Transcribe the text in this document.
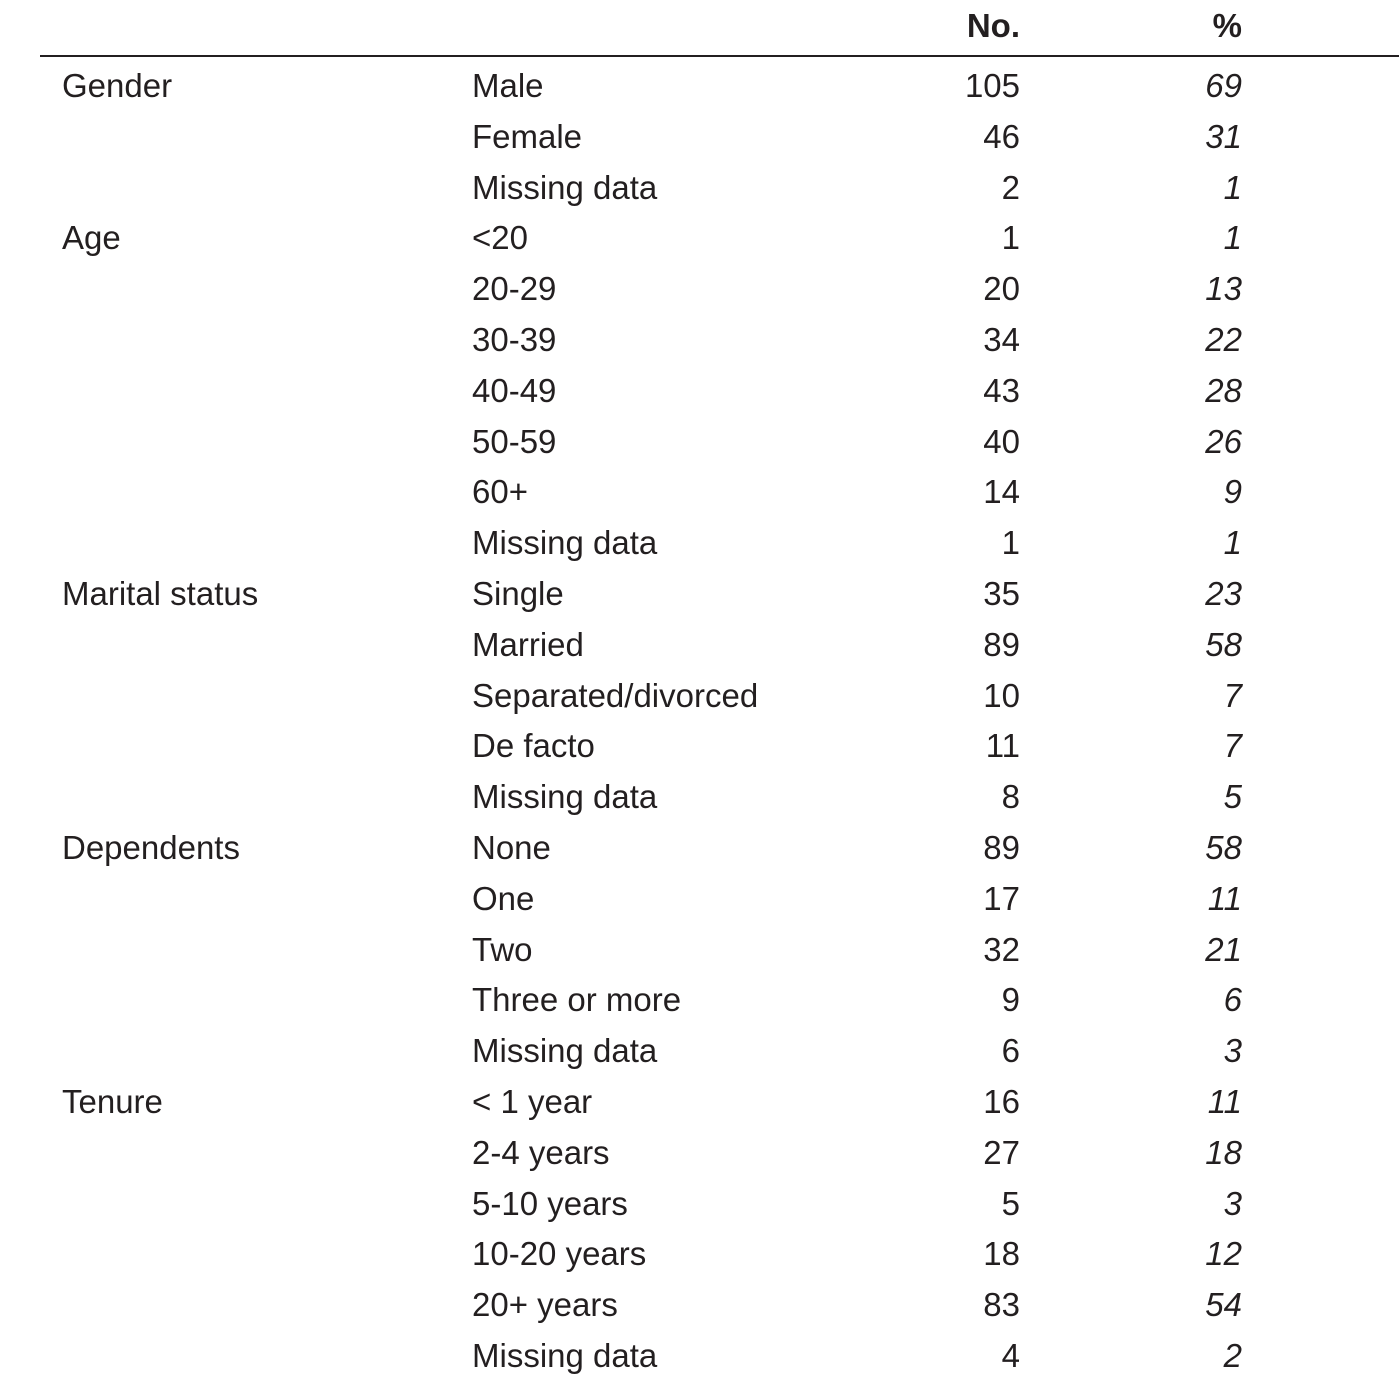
No.	%
Gender	Male	105	69
Female	46	31
Missing data	2	1
Age	<20	1	1
20-29	20	13
30-39	34	22
40-49	43	28
50-59	40	26
60+	14	9
Missing data	1	1
Marital status	Single	35	23
Married	89	58
Separated/divorced	10	7
De facto	11	7
Missing data	8	5
Dependents	None	89	58
One	17	11
Two	32	21
Three or more	9	6
Missing data	6	3
Tenure	< 1 year	16	11
2-4 years	27	18
5-10 years	5	3
10-20 years	18	12
20+ years	83	54
Missing data	4	2
